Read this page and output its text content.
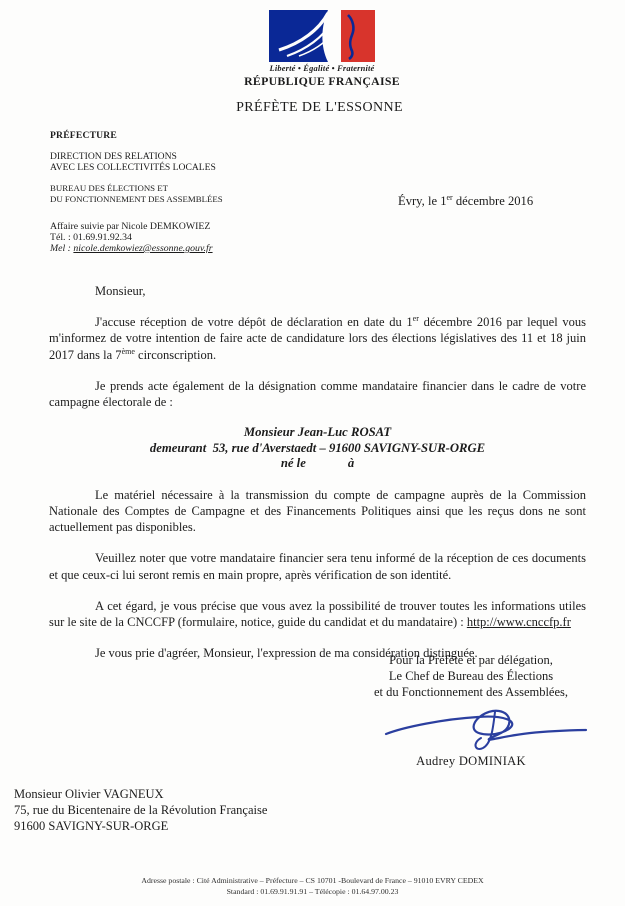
Liberté • Égalité • Fraternité
RÉPUBLIQUE FRANÇAISE
PRÉFÈTE DE L'ESSONNE
PRÉFECTURE
DIRECTION DES RELATIONS
AVEC LES COLLECTIVITÉS LOCALES
BUREAU DES ÉLECTIONS ET
DU FONCTIONNEMENT DES ASSEMBLÉES
Affaire suivie par Nicole DEMKOWIEZ
Tél. : 01.69.91.92.34
Mel : nicole.demkowiez@essonne.gouv.fr
Évry, le 1er décembre 2016

Monsieur,

J'accuse réception de votre dépôt de déclaration en date du 1er décembre 2016 par lequel vous m'informez de votre intention de faire acte de candidature lors des élections législatives des 11 et 18 juin 2017 dans la 7ème circonscription.

Je prends acte également de la désignation comme mandataire financier dans le cadre de votre campagne électorale de :

Monsieur Jean-Luc ROSAT
demeurant  53, rue d'Averstaedt – 91600 SAVIGNY-SUR-ORGE
né le	à

Le matériel nécessaire à la transmission du compte de campagne auprès de la Commission Nationale des Comptes de Campagne et des Financements Politiques ainsi que les reçus dons ne sont actuellement pas disponibles.

Veuillez noter que votre mandataire financier sera tenu informé de la réception de ces documents et que ceux-ci lui seront remis en main propre, après vérification de son identité.

A cet égard, je vous précise que vous avez la possibilité de trouver toutes les informations utiles sur le site de la CNCCFP (formulaire, notice, guide du candidat et du mandataire) : http://www.cnccfp.fr

Je vous prie d'agréer, Monsieur, l'expression de ma considération distinguée.

Pour la Préfète et par délégation,
Le Chef de Bureau des Élections
et du Fonctionnement des Assemblées,
Audrey DOMINIAK
Monsieur Olivier VAGNEUX
75, rue du Bicentenaire de la Révolution Française
91600 SAVIGNY-SUR-ORGE
Adresse postale : Cité Administrative – Préfecture – CS 10701 -Boulevard de France – 91010 EVRY CEDEX
Standard : 01.69.91.91.91 – Télécopie : 01.64.97.00.23
